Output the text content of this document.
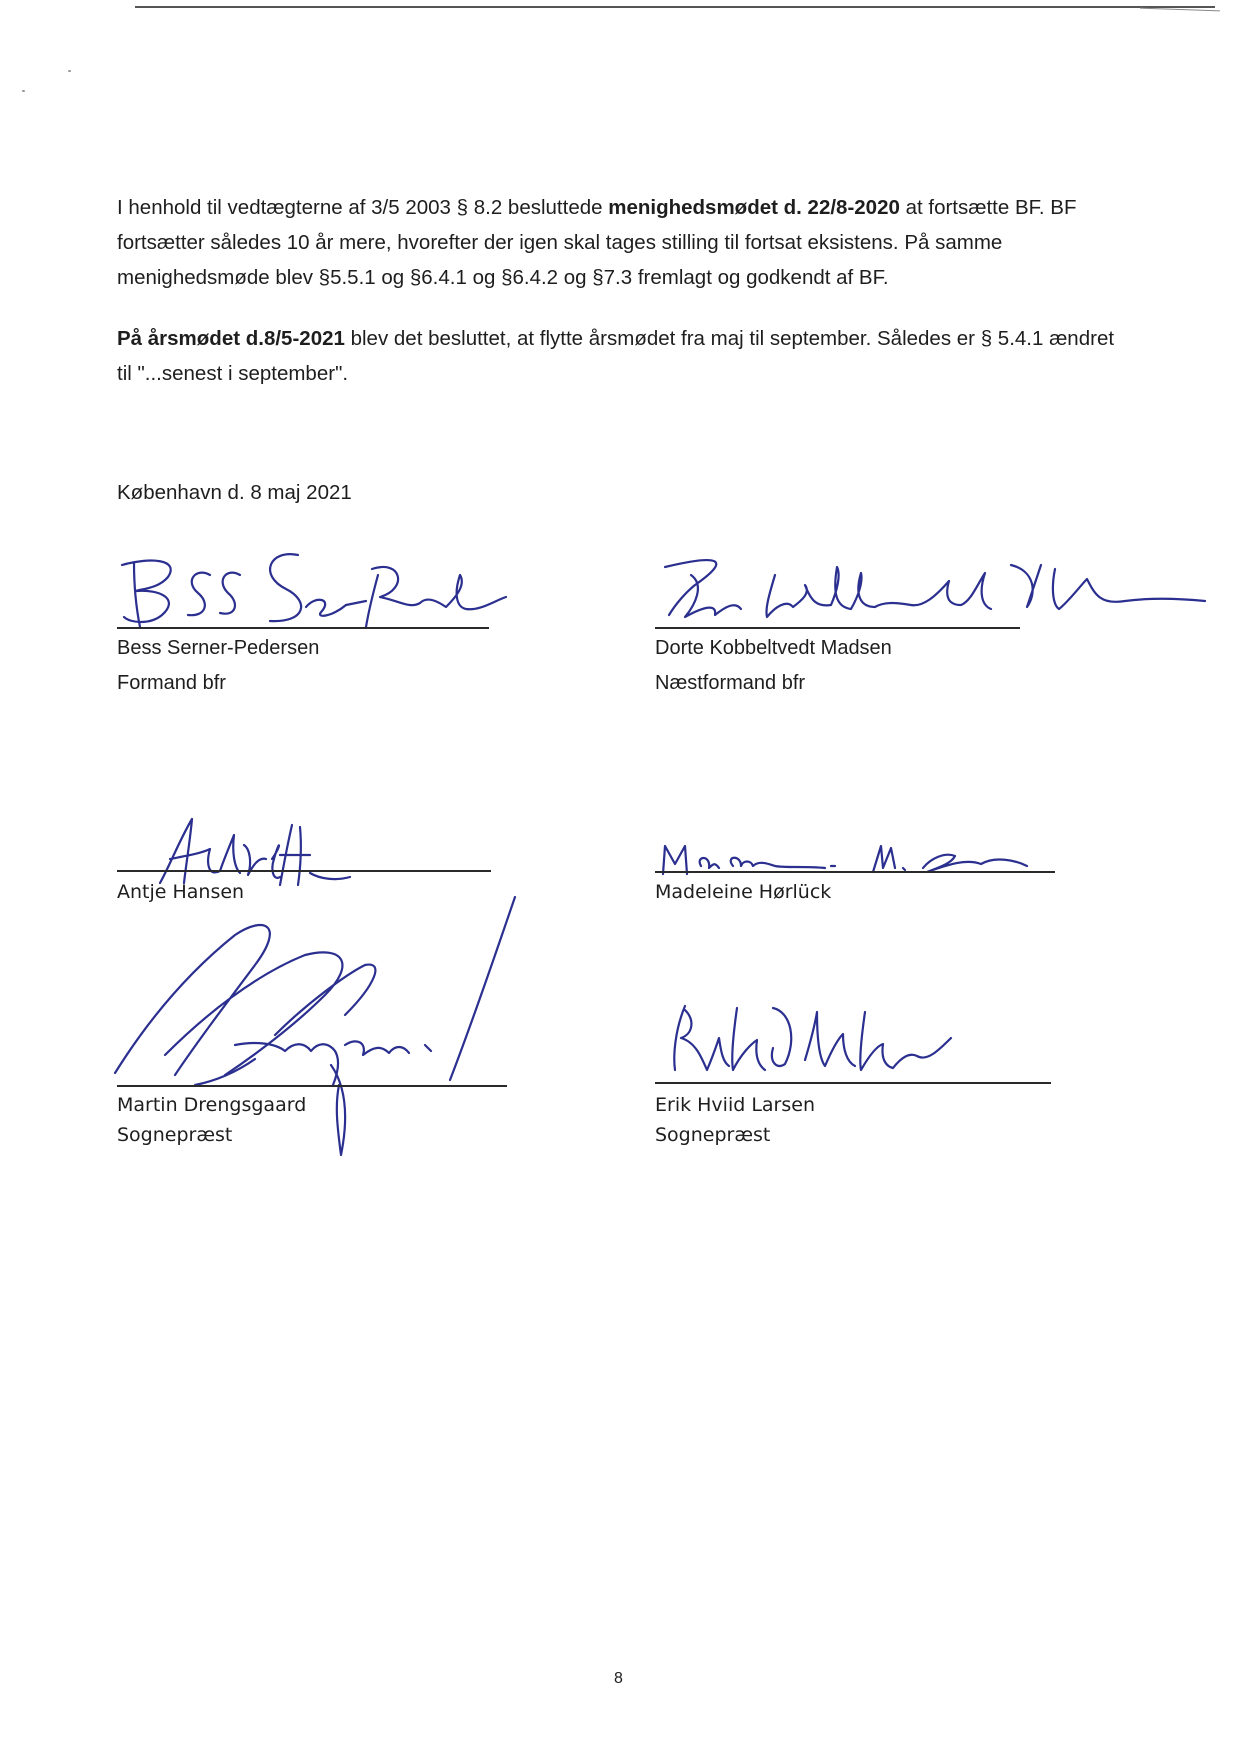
I henhold til vedtægterne af 3/5 2003 § 8.2 besluttede menighedsmødet d. 22/8-2020 at fortsætte BF. BF fortsætter således 10 år mere, hvorefter der igen skal tages stilling til fortsat eksistens. På samme menighedsmøde blev §5.5.1 og §6.4.1 og §6.4.2 og §7.3 fremlagt og godkendt af BF.

På årsmødet d.8/5-2021 blev det besluttet, at flytte årsmødet fra maj til september. Således er § 5.4.1 ændret til "...senest i september".

København d. 8 maj 2021
Bess Serner-Pedersen
Formand bfr
Dorte Kobbeltvedt Madsen
Næstformand bfr
Antje Hansen	Madeleine Hørlück
Martin Drengsgaard
Sognepræst
Erik Hviid Larsen
Sognepræst
8
